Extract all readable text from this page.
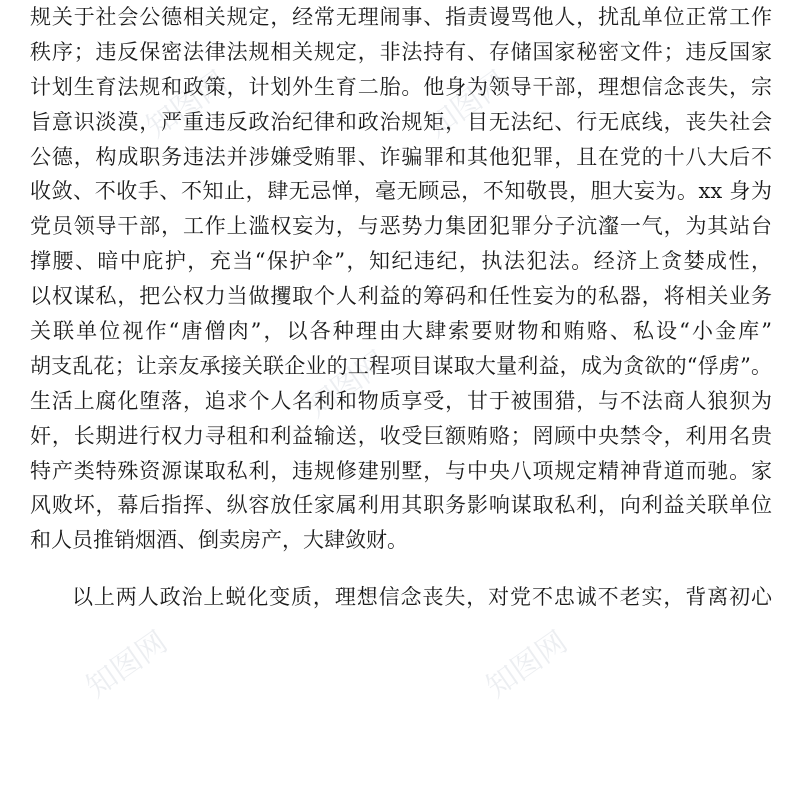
知图网	知图网
知图网
知图网	知图网
规关于社会公德相关规定，经常无理闹事、指责谩骂他人，扰乱单位正常工作
秩序；违反保密法律法规相关规定，非法持有、存储国家秘密文件；违反国家
计划生育法规和政策，计划外生育二胎。他身为领导干部，理想信念丧失，宗
旨意识淡漠，严重违反政治纪律和政治规矩，目无法纪、行无底线，丧失社会
公德，构成职务违法并涉嫌受贿罪、诈骗罪和其他犯罪，且在党的十八大后不
收敛、不收手、不知止，肆无忌惮，毫无顾忌，不知敬畏，胆大妄为。xx 身为
党员领导干部，工作上滥权妄为，与恶势力集团犯罪分子沆瀣一气，为其站台
撑腰、暗中庇护，充当“保护伞”，知纪违纪，执法犯法。经济上贪婪成性，
以权谋私，把公权力当做攫取个人利益的筹码和任性妄为的私器，将相关业务
关联单位视作“唐僧肉”，以各种理由大肆索要财物和贿赂、私设“小金库”
胡支乱花；让亲友承接关联企业的工程项目谋取大量利益，成为贪欲的“俘虏”。
生活上腐化堕落，追求个人名利和物质享受，甘于被围猎，与不法商人狼狈为
奸，长期进行权力寻租和利益输送，收受巨额贿赂；罔顾中央禁令，利用名贵
特产类特殊资源谋取私利，违规修建别墅，与中央八项规定精神背道而驰。家
风败坏，幕后指挥、纵容放任家属利用其职务影响谋取私利，向利益关联单位
和人员推销烟酒、倒卖房产，大肆敛财。
以上两人政治上蜕化变质，理想信念丧失，对党不忠诚不老实，背离初心
